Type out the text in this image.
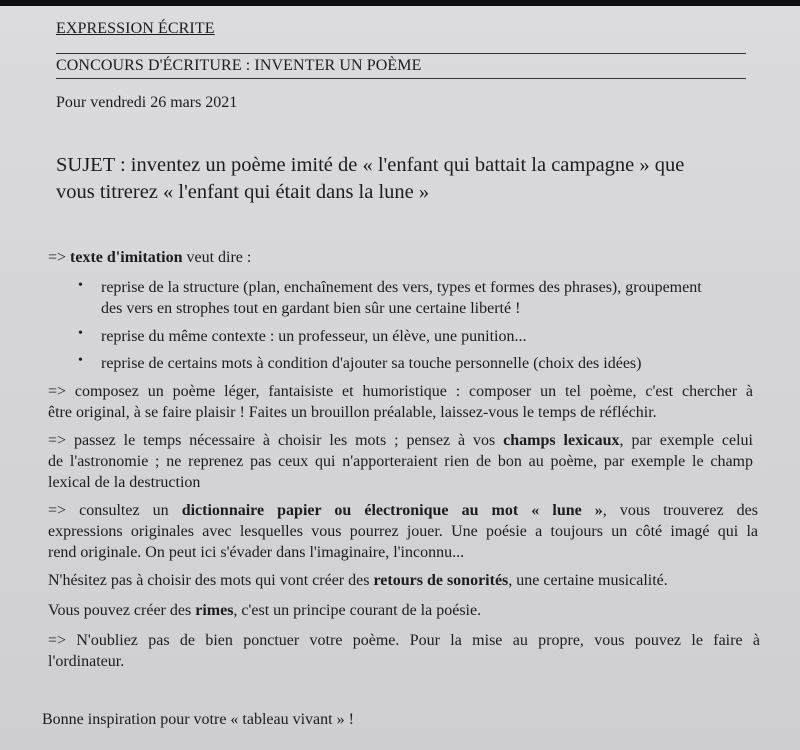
EXPRESSION ÉCRITE
CONCOURS D'ÉCRITURE : INVENTER UN POÈME
Pour vendredi 26 mars 2021
SUJET : inventez un poème imité de « l'enfant qui battait la campagne » que
vous titrerez « l'enfant qui était dans la lune »
=> texte d'imitation veut dire :
• reprise de la structure (plan, enchaînement des vers, types et formes des phrases), groupement
des vers en strophes tout en gardant bien sûr une certaine liberté !
• reprise du même contexte : un professeur, un élève, une punition...
• reprise de certains mots à condition d'ajouter sa touche personnelle (choix des idées)
=> composez un poème léger, fantaisiste et humoristique : composer un tel poème, c'est chercher à
être original, à se faire plaisir ! Faites un brouillon préalable, laissez-vous le temps de réfléchir.
=> passez le temps nécessaire à choisir les mots ; pensez à vos champs lexicaux, par exemple celui
de l'astronomie ; ne reprenez pas ceux qui n'apporteraient rien de bon au poème, par exemple le champ
lexical de la destruction
=> consultez un dictionnaire papier ou électronique au mot « lune », vous trouverez des
expressions originales avec lesquelles vous pourrez jouer. Une poésie a toujours un côté imagé qui la
rend originale. On peut ici s'évader dans l'imaginaire, l'inconnu...
N'hésitez pas à choisir des mots qui vont créer des retours de sonorités, une certaine musicalité.
Vous pouvez créer des rimes, c'est un principe courant de la poésie.
=> N'oubliez pas de bien ponctuer votre poème. Pour la mise au propre, vous pouvez le faire à
l'ordinateur.
Bonne inspiration pour votre « tableau vivant » !
